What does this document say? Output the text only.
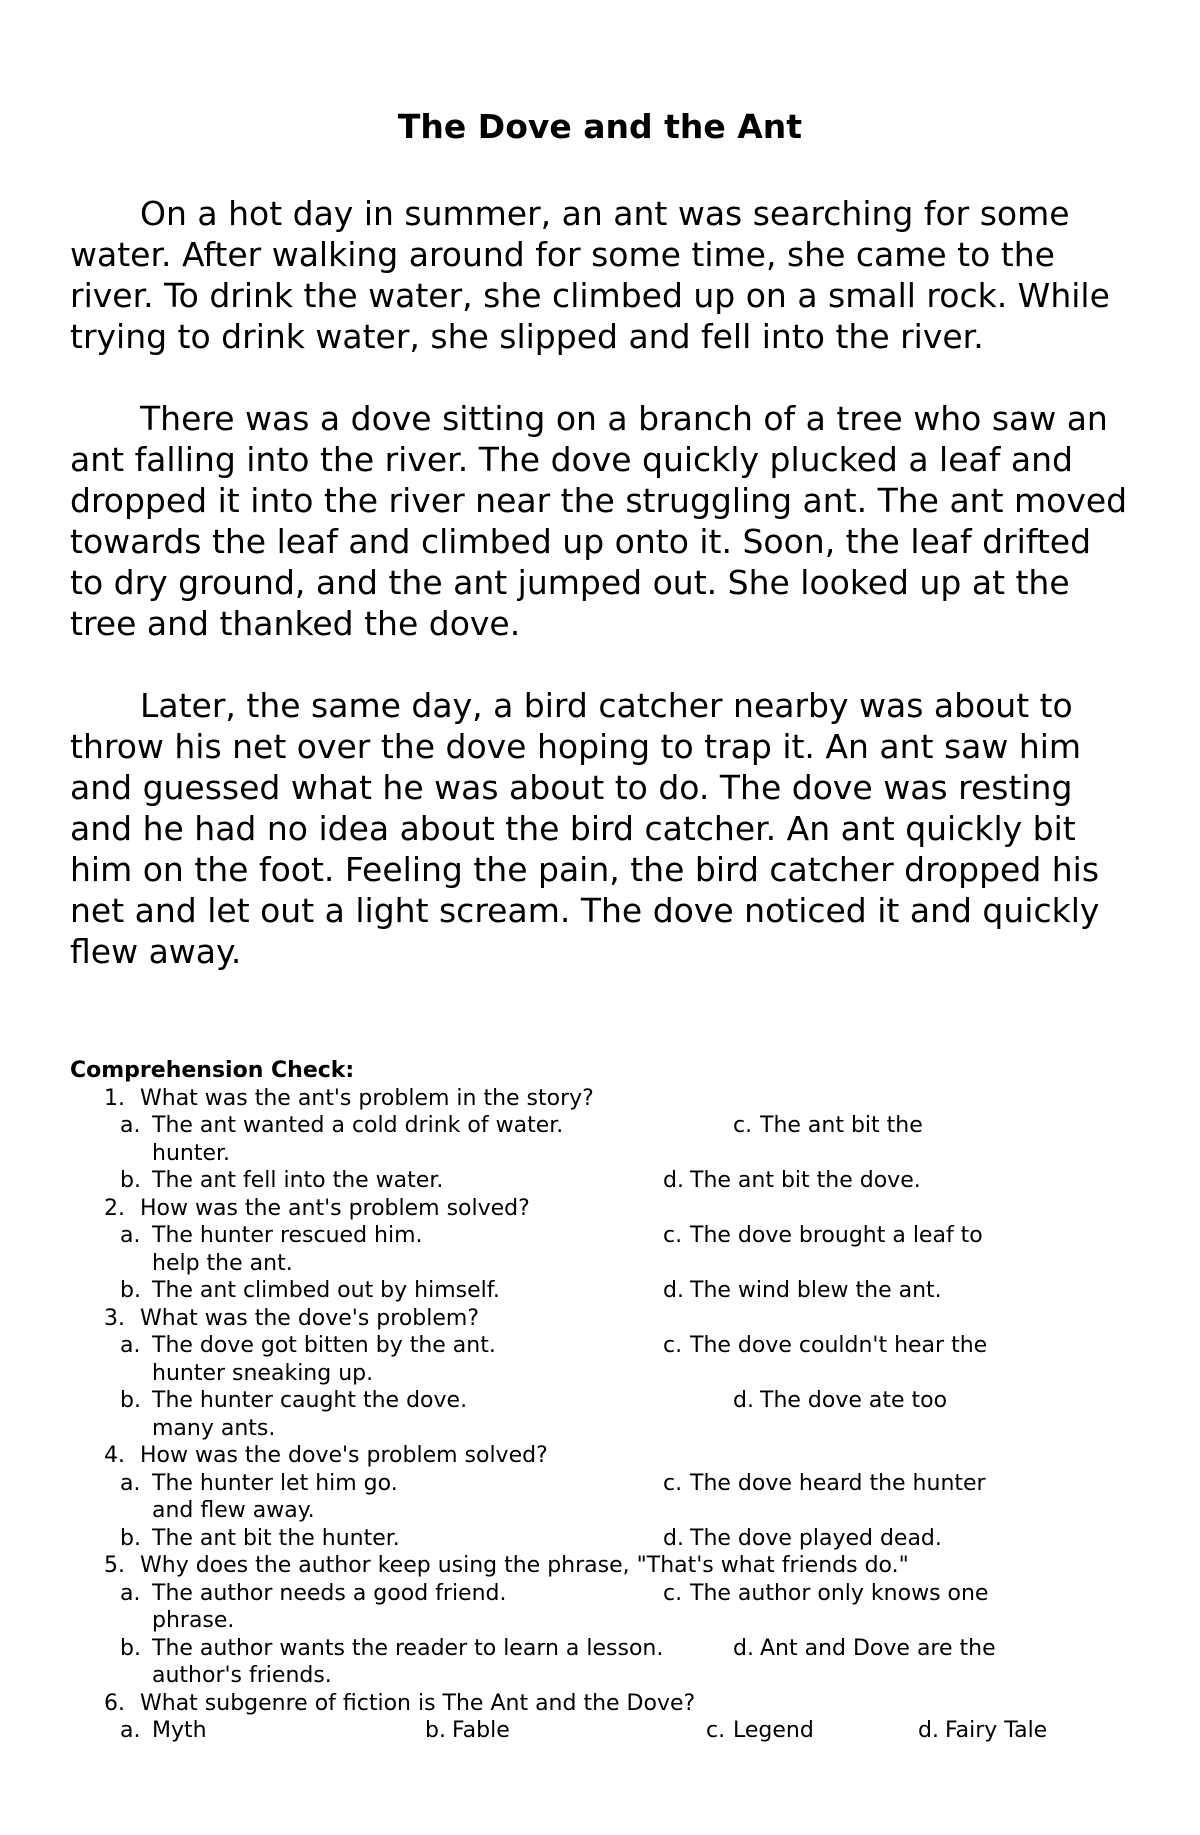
The Dove and the Ant

On a hot day in summer, an ant was searching for some water. After walking around for some time, she came to the river. To drink the water, she climbed up on a small rock. While trying to drink water, she slipped and fell into the river.

There was a dove sitting on a branch of a tree who saw an ant falling into the river. The dove quickly plucked a leaf and dropped it into the river near the struggling ant. The ant moved towards the leaf and climbed up onto it. Soon, the leaf drifted to dry ground, and the ant jumped out. She looked up at the tree and thanked the dove.

Later, the same day, a bird catcher nearby was about to throw his net over the dove hoping to trap it. An ant saw him and guessed what he was about to do. The dove was resting and he had no idea about the bird catcher. An ant quickly bit him on the foot. Feeling the pain, the bird catcher dropped his net and let out a light scream. The dove noticed it and quickly flew away.

Comprehension Check:
1. What was the ant's problem in the story?
a. The ant wanted a cold drink of water.	c. The ant bit the
hunter.
b. The ant fell into the water.	d. The ant bit the dove.
2. How was the ant's problem solved?
a. The hunter rescued him.	c. The dove brought a leaf to
help the ant.
b. The ant climbed out by himself.	d. The wind blew the ant.
3. What was the dove's problem?
a. The dove got bitten by the ant.	c. The dove couldn't hear the
hunter sneaking up.
b. The hunter caught the dove.	d. The dove ate too
many ants.
4. How was the dove's problem solved?
a. The hunter let him go.	c. The dove heard the hunter
and flew away.
b. The ant bit the hunter.	d. The dove played dead.
5. Why does the author keep using the phrase, "That's what friends do."
a. The author needs a good friend.	c. The author only knows one
phrase.
b. The author wants the reader to learn a lesson.	d. Ant and Dove are the
author's friends.
6. What subgenre of fiction is The Ant and the Dove?
a. Myth	b. Fable	c. Legend	d. Fairy Tale
